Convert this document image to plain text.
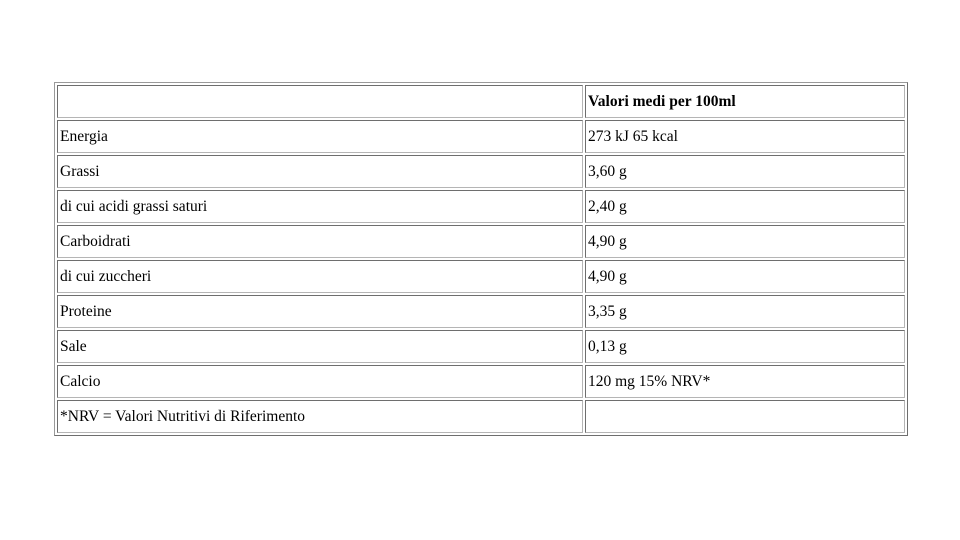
	Valori medi per 100ml
Energia	273 kJ 65 kcal
Grassi	3,60 g
di cui acidi grassi saturi	2,40 g
Carboidrati	4,90 g
di cui zuccheri	4,90 g
Proteine	3,35 g
Sale	0,13 g
Calcio	120 mg 15% NRV*
*NRV = Valori Nutritivi di Riferimento	
